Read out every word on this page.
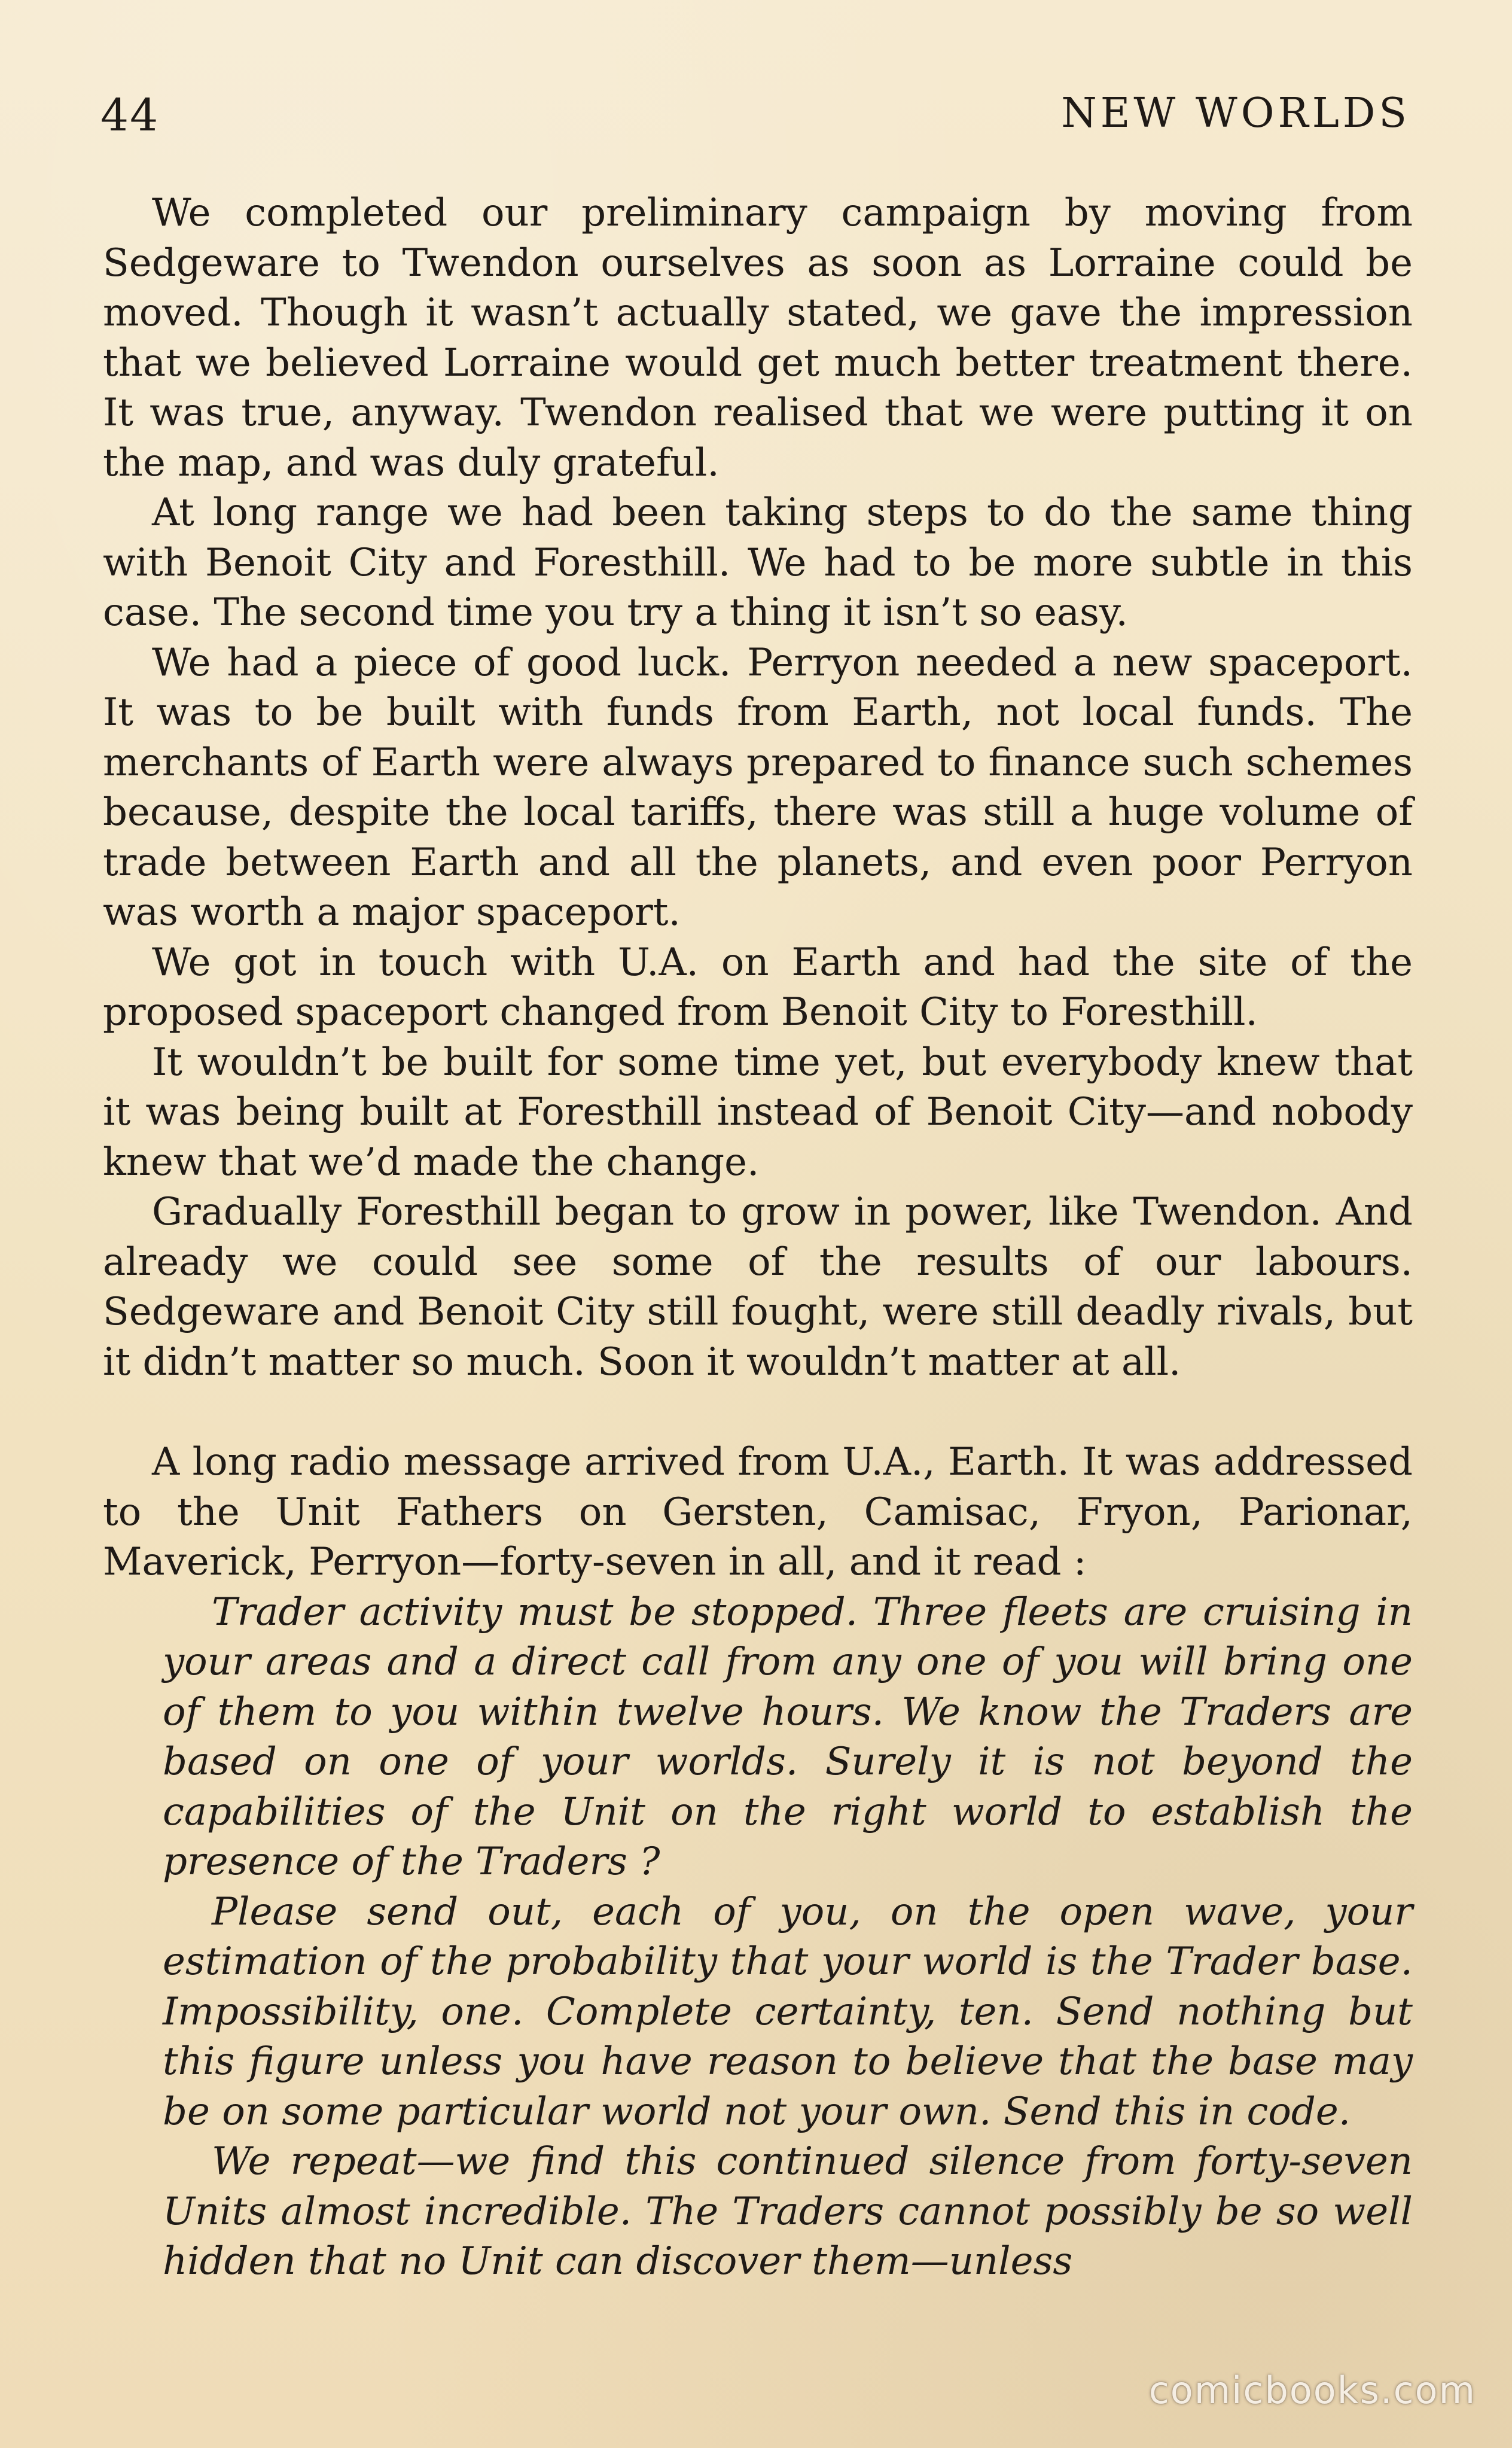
44	NEW WORLDS

We completed our preliminary campaign by moving from Sedgeware to Twendon ourselves as soon as Lorraine could be moved. Though it wasn’t actually stated, we gave the impression that we believed Lorraine would get much better treatment there. It was true, anyway. Twendon realised that we were putting it on the map, and was duly grateful.

At long range we had been taking steps to do the same thing with Benoit City and Foresthill. We had to be more subtle in this case. The second time you try a thing it isn’t so easy.

We had a piece of good luck. Perryon needed a new spaceport. It was to be built with funds from Earth, not local funds. The merchants of Earth were always prepared to finance such schemes because, despite the local tariffs, there was still a huge volume of trade between Earth and all the planets, and even poor Perryon was worth a major spaceport.

We got in touch with U.A. on Earth and had the site of the proposed spaceport changed from Benoit City to Foresthill.

It wouldn’t be built for some time yet, but everybody knew that it was being built at Foresthill instead of Benoit City—and nobody knew that we’d made the change.

Gradually Foresthill began to grow in power, like Twendon. And already we could see some of the results of our labours. Sedgeware and Benoit City still fought, were still deadly rivals, but it didn’t matter so much. Soon it wouldn’t matter at all.

A long radio message arrived from U.A., Earth. It was addressed to the Unit Fathers on Gersten, Camisac, Fryon, Parionar, Maverick, Perryon—forty-seven in all, and it read :

Trader activity must be stopped. Three fleets are cruising in your areas and a direct call from any one of you will bring one of them to you within twelve hours. We know the Traders are based on one of your worlds. Surely it is not beyond the capabilities of the Unit on the right world to establish the presence of the Traders ?

Please send out, each of you, on the open wave, your estimation of the probability that your world is the Trader base. Impossibility, one. Complete certainty, ten. Send nothing but this figure unless you have reason to believe that the base may be on some particular world not your own. Send this in code.

We repeat—we find this continued silence from forty-seven Units almost incredible. The Traders cannot possibly be so well hidden that no Unit can discover them—unless

comicbooks.com
